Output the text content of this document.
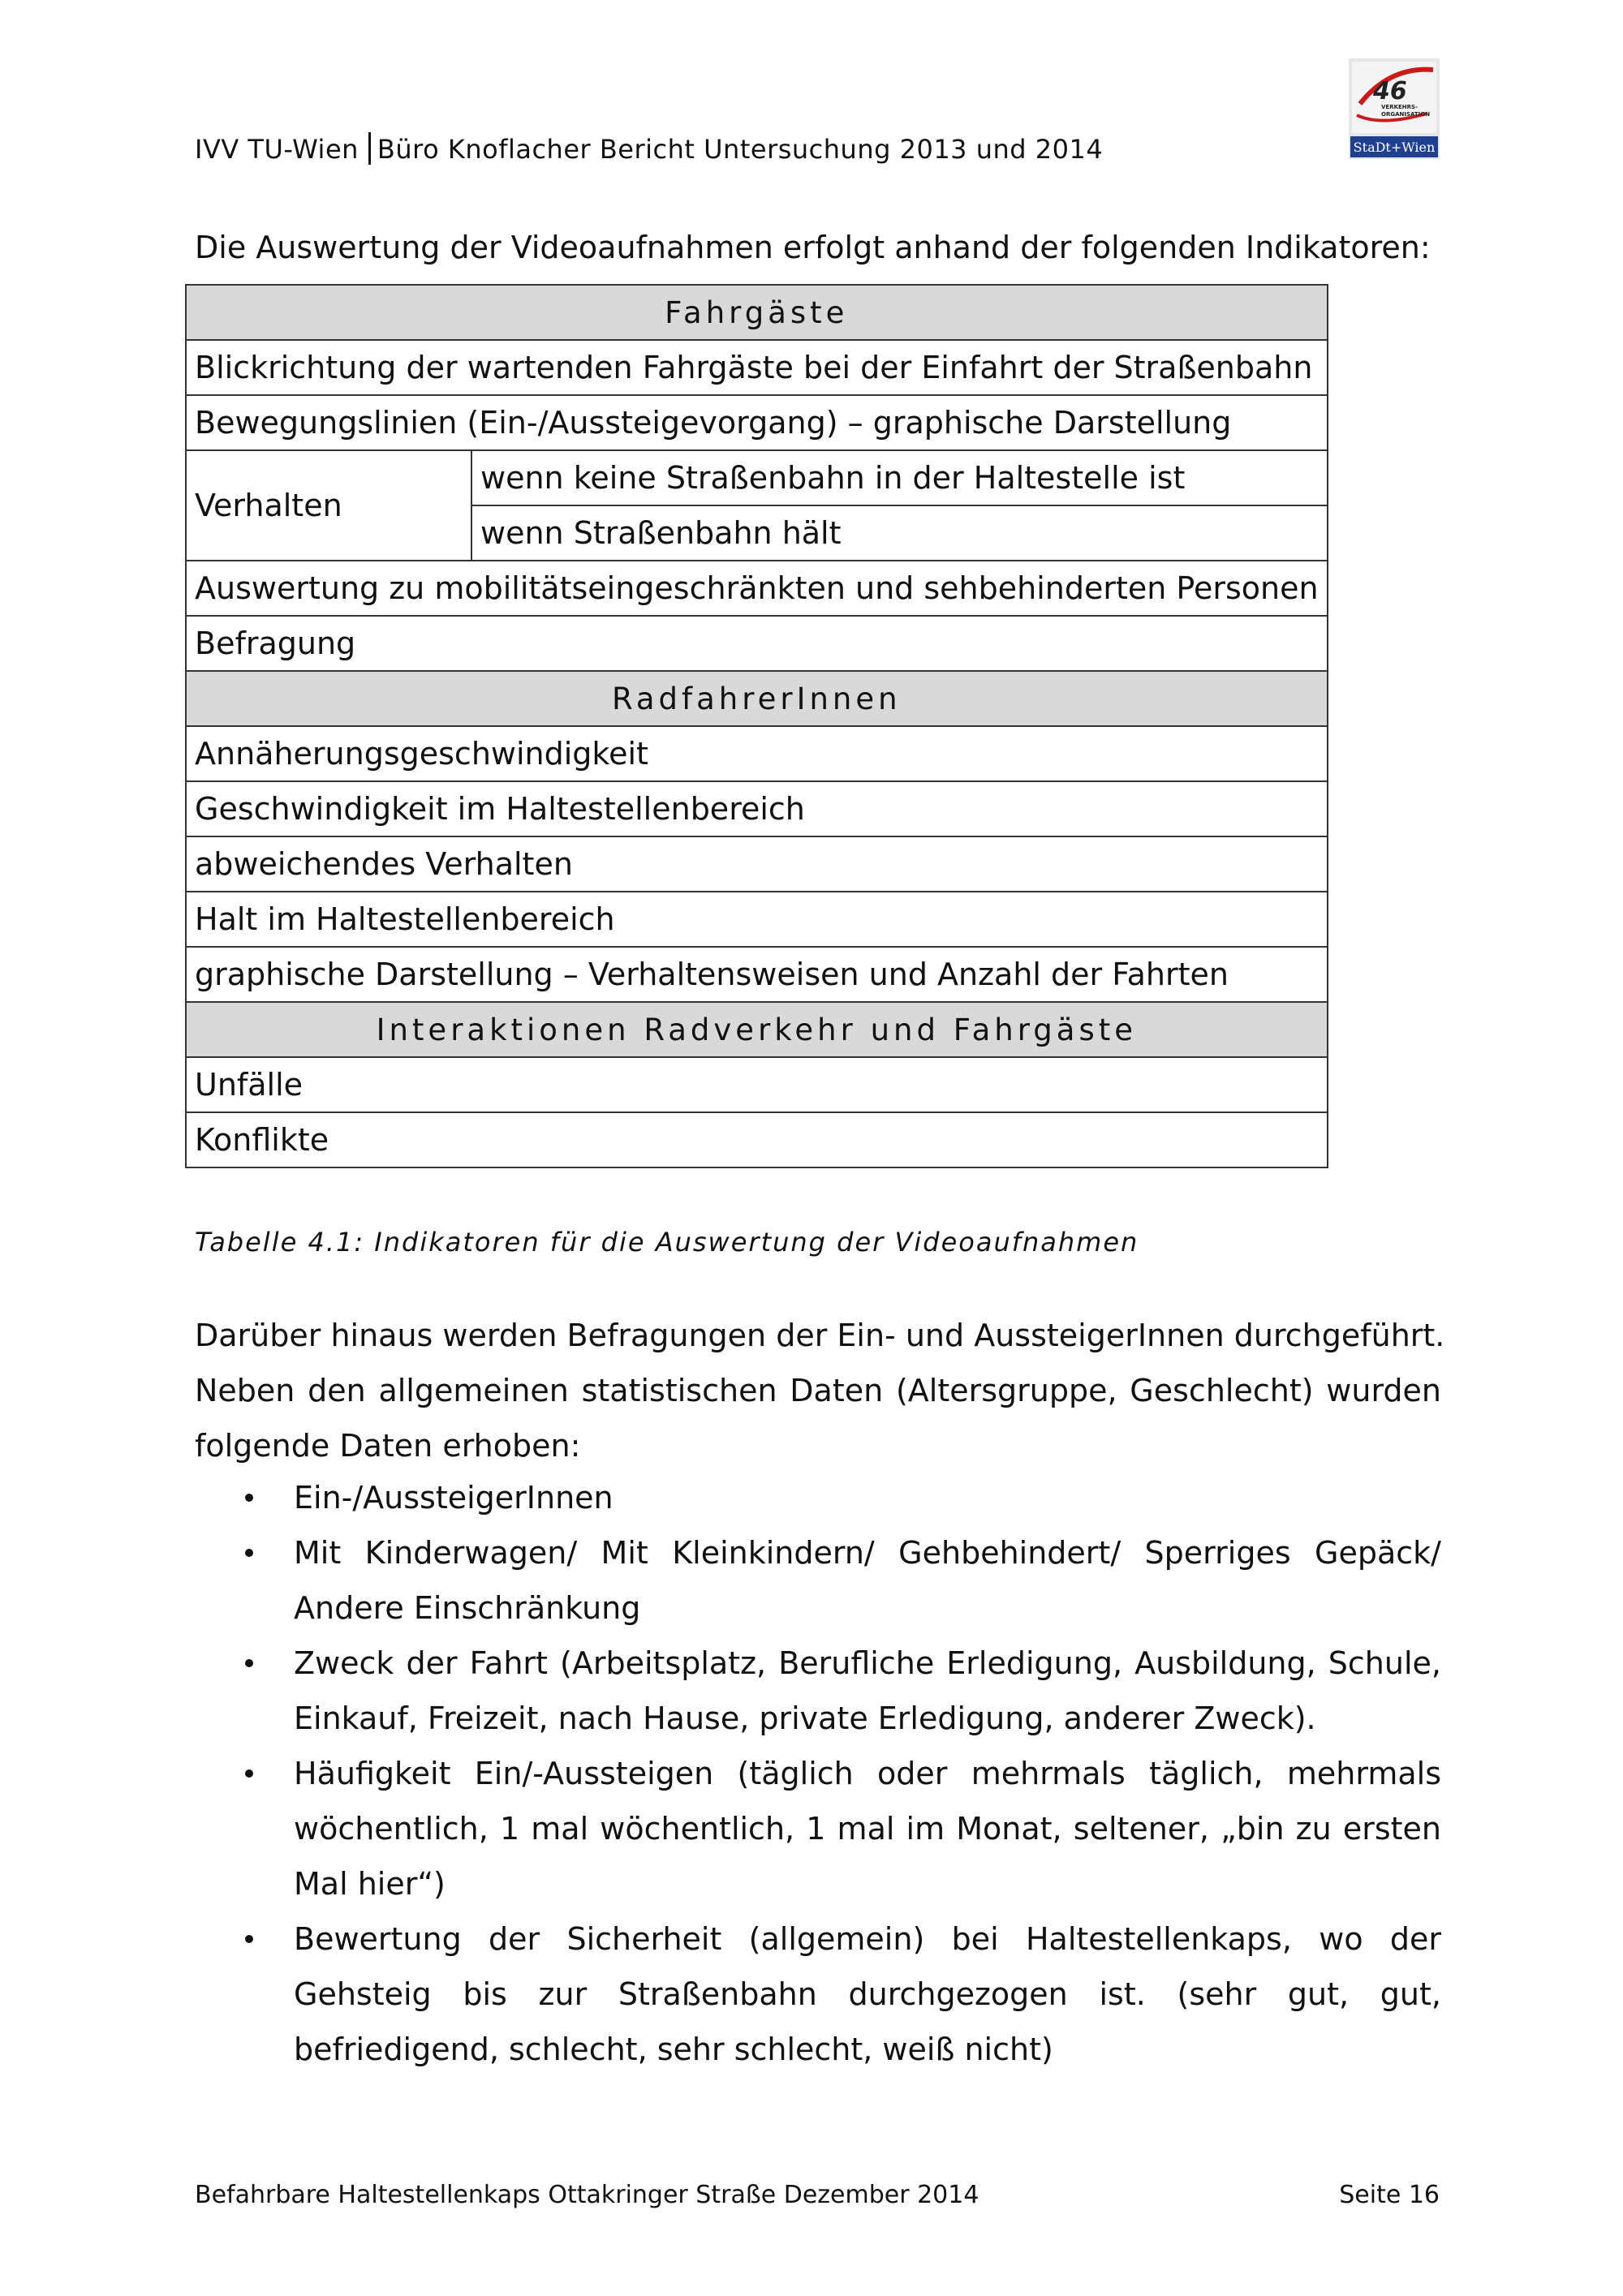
IVV TU-Wien Büro Knoflacher Bericht Untersuchung 2013 und 2014
46
VERKEHRS-
ORGANISATION
StaDt+Wien
Die Auswertung der Videoaufnahmen erfolgt anhand der folgenden Indikatoren:
Fahrgäste
Blickrichtung der wartenden Fahrgäste bei der Einfahrt der Straßenbahn
Bewegungslinien (Ein-/Aussteigevorgang) – graphische Darstellung
Verhalten	wenn keine Straßenbahn in der Haltestelle ist
wenn Straßenbahn hält
Auswertung zu mobilitätseingeschränkten und sehbehinderten Personen
Befragung
RadfahrerInnen
Annäherungsgeschwindigkeit
Geschwindigkeit im Haltestellenbereich
abweichendes Verhalten
Halt im Haltestellenbereich
graphische Darstellung – Verhaltensweisen und Anzahl der Fahrten
Interaktionen Radverkehr und Fahrgäste
Unfälle
Konflikte
Tabelle 4.1: Indikatoren für die Auswertung der Videoaufnahmen
Darüber hinaus werden Befragungen der Ein- und AussteigerInnen durchgeführt.
Neben den allgemeinen statistischen Daten (Altersgruppe, Geschlecht) wurden folgende Daten erhoben:
Ein-/AussteigerInnen
Mit Kinderwagen/ Mit Kleinkindern/ Gehbehindert/ Sperriges Gepäck/ Andere Einschränkung
Zweck der Fahrt (Arbeitsplatz, Berufliche Erledigung, Ausbildung, Schule, Einkauf, Freizeit, nach Hause, private Erledigung, anderer Zweck).
Häufigkeit Ein/-Aussteigen (täglich oder mehrmals täglich, mehrmals wöchentlich, 1 mal wöchentlich, 1 mal im Monat, seltener, „bin zu ersten Mal hier“)
Bewertung der Sicherheit (allgemein) bei Haltestellenkaps, wo der Gehsteig bis zur Straßenbahn durchgezogen ist. (sehr gut, gut, befriedigend, schlecht, sehr schlecht, weiß nicht)
Befahrbare Haltestellenkaps Ottakringer Straße Dezember 2014	Seite 16
